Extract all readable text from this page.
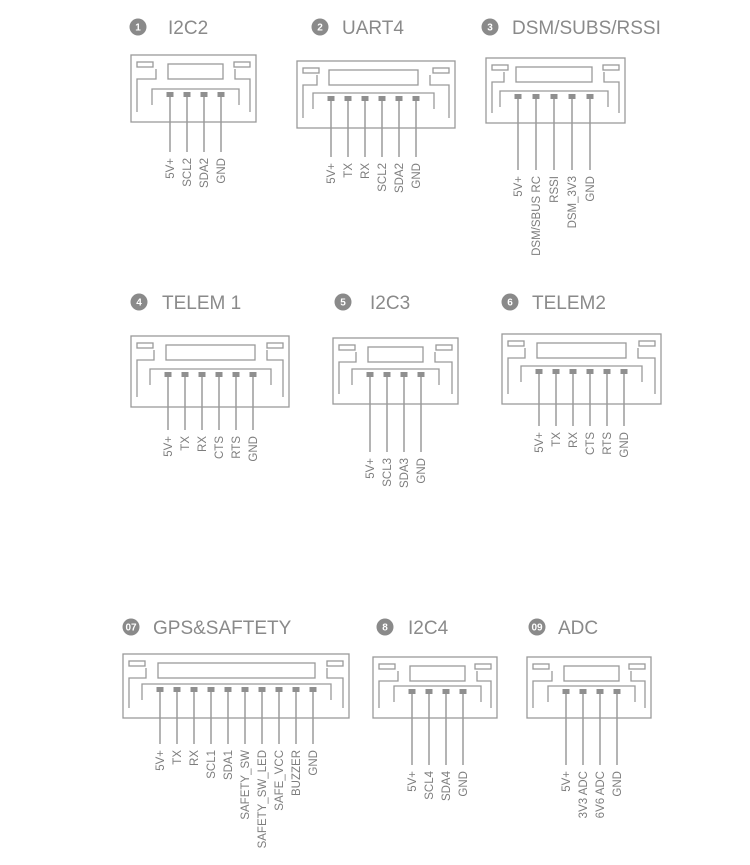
1 I2C2
5V+ SCL2 SDA2 GND
2 UART4
5V+ TX RX SCL2 SDA2 GND
3 DSM/SUBS/RSSI
5V+ DSM/SBUS RC RSSI DSM_3V3 GND
4 TELEM 1
5V+ TX RX CTS RTS GND
5 I2C3
5V+ SCL3 SDA3 GND
6 TELEM2
5V+ TX RX CTS RTS GND
07 GPS&SAFTETY
5V+ TX RX SCL1 SDA1 SAFETY_SW SAFETY_SW_LED SAFE_VCC BUZZER GND
8 I2C4
5V+ SCL4 SDA4 GND
09 ADC
5V+ 3V3 ADC 6V6 ADC GND
